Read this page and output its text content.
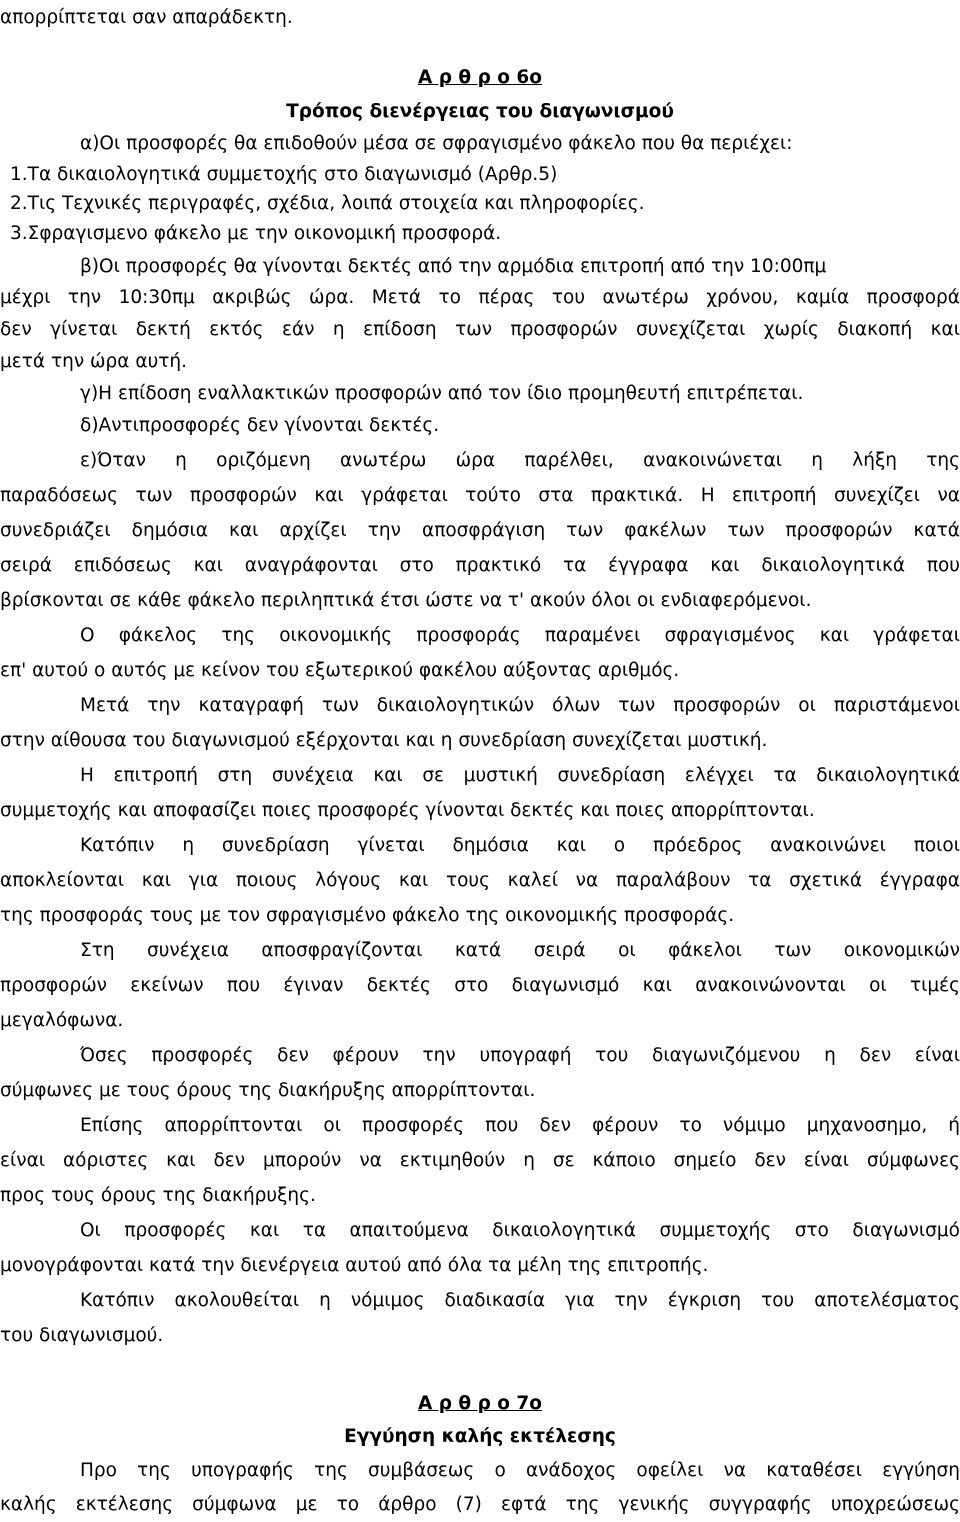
απορρίπτεται σαν απαράδεκτη.
Α ρ θ ρ ο 6ο
Τρόπος διενέργειας του διαγωνισμού
α)Οι προσφορές θα επιδοθούν μέσα σε σφραγισμένο φάκελο που θα περιέχει:
1.Τα δικαιολογητικά συμμετοχής στο διαγωνισμό (Αρθρ.5)
2.Τις Τεχνικές περιγραφές, σχέδια, λοιπά στοιχεία και πληροφορίες.
3.Σφραγισμενο φάκελο με την οικονομική προσφορά.
β)Οι προσφορές θα γίνονται δεκτές από την αρμόδια επιτροπή από την 10:00πμ
μέχρι την 10:30πμ ακριβώς ώρα. Μετά το πέρας του ανωτέρω χρόνου, καμία προσφορά
δεν γίνεται δεκτή εκτός εάν η επίδοση των προσφορών συνεχίζεται χωρίς διακοπή και
μετά την ώρα αυτή.
γ)Η επίδοση εναλλακτικών προσφορών από τον ίδιο προμηθευτή επιτρέπεται.
δ)Αντιπροσφορές δεν γίνονται δεκτές.
ε)Όταν η οριζόμενη ανωτέρω ώρα παρέλθει, ανακοινώνεται η λήξη της
παραδόσεως των προσφορών και γράφεται τούτο στα πρακτικά. Η επιτροπή συνεχίζει να
συνεδριάζει δημόσια και αρχίζει την αποσφράγιση των φακέλων των προσφορών κατά
σειρά επιδόσεως και αναγράφονται στο πρακτικό τα έγγραφα και δικαιολογητικά που
βρίσκονται σε κάθε φάκελο περιληπτικά έτσι ώστε να τ' ακούν όλοι οι ενδιαφερόμενοι.
Ο φάκελος της οικονομικής προσφοράς παραμένει σφραγισμένος και γράφεται
επ' αυτού ο αυτός με κείνον του εξωτερικού φακέλου αύξοντας αριθμός.
Μετά την καταγραφή των δικαιολογητικών όλων των προσφορών οι παριστάμενοι
στην αίθουσα του διαγωνισμού εξέρχονται και η συνεδρίαση συνεχίζεται μυστική.
Η επιτροπή στη συνέχεια και σε μυστική συνεδρίαση ελέγχει τα δικαιολογητικά
συμμετοχής και αποφασίζει ποιες προσφορές γίνονται δεκτές και ποιες απορρίπτονται.
Κατόπιν η συνεδρίαση γίνεται δημόσια και ο πρόεδρος ανακοινώνει ποιοι
αποκλείονται και για ποιους λόγους και τους καλεί να παραλάβουν τα σχετικά έγγραφα
της προσφοράς τους με τον σφραγισμένο φάκελο της οικονομικής προσφοράς.
Στη συνέχεια αποσφραγίζονται κατά σειρά οι φάκελοι των οικονομικών
προσφορών εκείνων που έγιναν δεκτές στο διαγωνισμό και ανακοινώνονται οι τιμές
μεγαλόφωνα.
Όσες προσφορές δεν φέρουν την υπογραφή του διαγωνιζόμενου η δεν είναι
σύμφωνες με τους όρους της διακήρυξης απορρίπτονται.
Επίσης απορρίπτονται οι προσφορές που δεν φέρουν το νόμιμο μηχανοσημο, ή
είναι αόριστες και δεν μπορούν να εκτιμηθούν η σε κάποιο σημείο δεν είναι σύμφωνες
προς τους όρους της διακήρυξης.
Οι προσφορές και τα απαιτούμενα δικαιολογητικά συμμετοχής στο διαγωνισμό
μονογράφονται κατά την διενέργεια αυτού από όλα τα μέλη της επιτροπής.
Κατόπιν ακολουθείται η νόμιμος διαδικασία για την έγκριση του αποτελέσματος
του διαγωνισμού.
Α ρ θ ρ ο 7ο
Εγγύηση καλής εκτέλεσης
Προ της υπογραφής της συμβάσεως ο ανάδοχος οφείλει να καταθέσει εγγύηση
καλής εκτέλεσης σύμφωνα με το άρθρο (7) εφτά της γενικής συγγραφής υποχρεώσεως
